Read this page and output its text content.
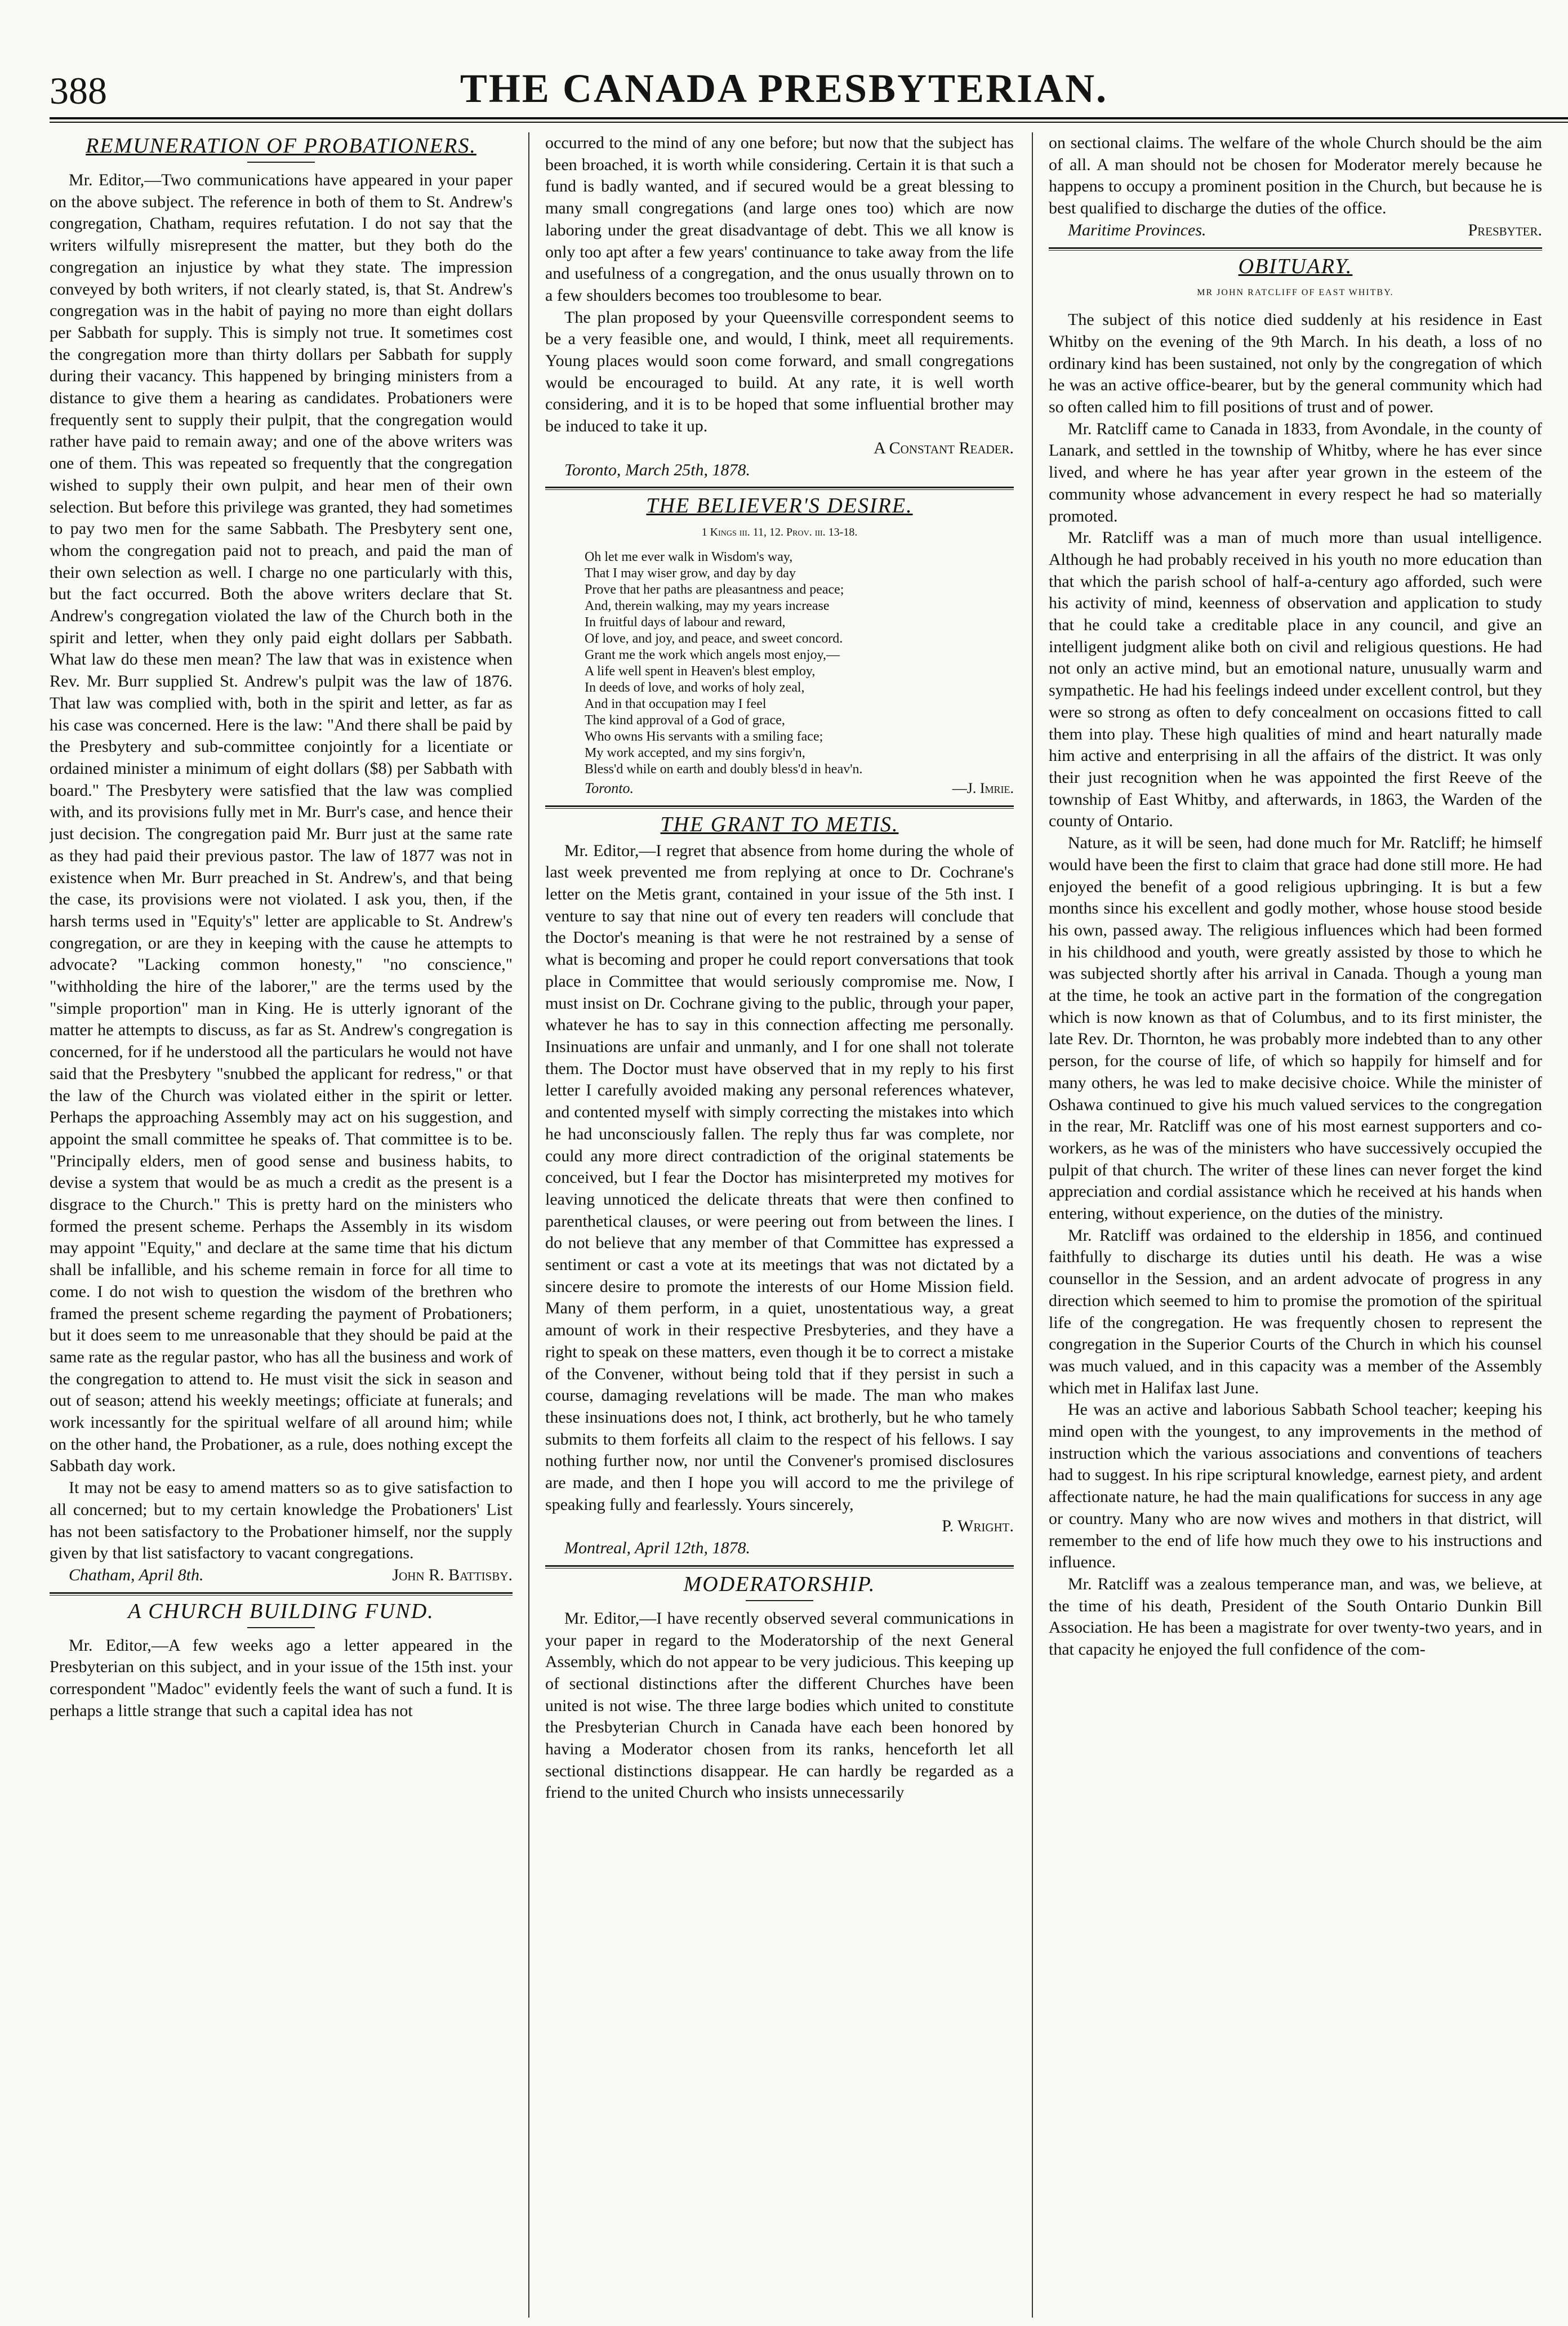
388	THE CANADA PRESBYTERIAN.
REMUNERATION OF PROBATIONERS.

Mr. Editor,—Two communications have appeared in your paper on the above subject. The reference in both of them to St. Andrew's congregation, Chatham, requires refutation. I do not say that the writers wilfully misrepresent the matter, but they both do the congregation an injustice by what they state. The impression conveyed by both writers, if not clearly stated, is, that St. Andrew's congregation was in the habit of paying no more than eight dollars per Sabbath for supply. This is simply not true. It sometimes cost the congregation more than thirty dollars per Sabbath for supply during their vacancy. This happened by bringing ministers from a distance to give them a hearing as candidates. Probationers were frequently sent to supply their pulpit, that the congregation would rather have paid to remain away; and one of the above writers was one of them. This was repeated so frequently that the congregation wished to supply their own pulpit, and hear men of their own selection. But before this privilege was granted, they had sometimes to pay two men for the same Sabbath. The Presbytery sent one, whom the congregation paid not to preach, and paid the man of their own selection as well. I charge no one particularly with this, but the fact occurred. Both the above writers declare that St. Andrew's congregation violated the law of the Church both in the spirit and letter, when they only paid eight dollars per Sabbath. What law do these men mean? The law that was in existence when Rev. Mr. Burr supplied St. Andrew's pulpit was the law of 1876. That law was complied with, both in the spirit and letter, as far as his case was concerned. Here is the law: "And there shall be paid by the Presbytery and sub-committee conjointly for a licentiate or ordained minister a minimum of eight dollars ($8) per Sabbath with board." The Presbytery were satisfied that the law was complied with, and its provisions fully met in Mr. Burr's case, and hence their just decision. The congregation paid Mr. Burr just at the same rate as they had paid their previous pastor. The law of 1877 was not in existence when Mr. Burr preached in St. Andrew's, and that being the case, its provisions were not violated. I ask you, then, if the harsh terms used in "Equity's" letter are applicable to St. Andrew's congregation, or are they in keeping with the cause he attempts to advocate? "Lacking common honesty," "no conscience," "withholding the hire of the laborer," are the terms used by the "simple proportion" man in King. He is utterly ignorant of the matter he attempts to discuss, as far as St. Andrew's congregation is concerned, for if he understood all the particulars he would not have said that the Presbytery "snubbed the applicant for redress," or that the law of the Church was violated either in the spirit or letter. Perhaps the approaching Assembly may act on his suggestion, and appoint the small committee he speaks of. That committee is to be. "Principally elders, men of good sense and business habits, to devise a system that would be as much a credit as the present is a disgrace to the Church." This is pretty hard on the ministers who formed the present scheme. Perhaps the Assembly in its wisdom may appoint "Equity," and declare at the same time that his dictum shall be infallible, and his scheme remain in force for all time to come. I do not wish to question the wisdom of the brethren who framed the present scheme regarding the payment of Probationers; but it does seem to me unreasonable that they should be paid at the same rate as the regular pastor, who has all the business and work of the congregation to attend to. He must visit the sick in season and out of season; attend his weekly meetings; officiate at funerals; and work incessantly for the spiritual welfare of all around him; while on the other hand, the Probationer, as a rule, does nothing except the Sabbath day work.

It may not be easy to amend matters so as to give satisfaction to all concerned; but to my certain knowledge the Probationers' List has not been satisfactory to the Probationer himself, nor the supply given by that list satisfactory to vacant congregations.

Chatham, April 8th.	John R. Battisby.
A CHURCH BUILDING FUND.

Mr. Editor,—A few weeks ago a letter appeared in the Presbyterian on this subject, and in your issue of the 15th inst. your correspondent "Madoc" evidently feels the want of such a fund. It is perhaps a little strange that such a capital idea has not

occurred to the mind of any one before; but now that the subject has been broached, it is worth while considering. Certain it is that such a fund is badly wanted, and if secured would be a great blessing to many small congregations (and large ones too) which are now laboring under the great disadvantage of debt. This we all know is only too apt after a few years' continuance to take away from the life and usefulness of a congregation, and the onus usually thrown on to a few shoulders becomes too troublesome to bear.

The plan proposed by your Queensville correspondent seems to be a very feasible one, and would, I think, meet all requirements. Young places would soon come forward, and small congregations would be encouraged to build. At any rate, it is well worth considering, and it is to be hoped that some influential brother may be induced to take it up.

A Constant Reader.
Toronto, March 25th, 1878.
THE BELIEVER'S DESIRE.
1 Kings iii. 11, 12. Prov. iii. 13-18.
Oh let me ever walk in Wisdom's way,
That I may wiser grow, and day by day
Prove that her paths are pleasantness and peace;
And, therein walking, may my years increase
In fruitful days of labour and reward,
Of love, and joy, and peace, and sweet concord.
Grant me the work which angels most enjoy,—
A life well spent in Heaven's blest employ,
In deeds of love, and works of holy zeal,
And in that occupation may I feel
The kind approval of a God of grace,
Who owns His servants with a smiling face;
My work accepted, and my sins forgiv'n,
Bless'd while on earth and doubly bless'd in heav'n.
Toronto.	—J. Imrie.
THE GRANT TO METIS.

Mr. Editor,—I regret that absence from home during the whole of last week prevented me from replying at once to Dr. Cochrane's letter on the Metis grant, contained in your issue of the 5th inst. I venture to say that nine out of every ten readers will conclude that the Doctor's meaning is that were he not restrained by a sense of what is becoming and proper he could report conversations that took place in Committee that would seriously compromise me. Now, I must insist on Dr. Cochrane giving to the public, through your paper, whatever he has to say in this connection affecting me personally. Insinuations are unfair and unmanly, and I for one shall not tolerate them. The Doctor must have observed that in my reply to his first letter I carefully avoided making any personal references whatever, and contented myself with simply correcting the mistakes into which he had unconsciously fallen. The reply thus far was complete, nor could any more direct contradiction of the original statements be conceived, but I fear the Doctor has misinterpreted my motives for leaving unnoticed the delicate threats that were then confined to parenthetical clauses, or were peering out from between the lines. I do not believe that any member of that Committee has expressed a sentiment or cast a vote at its meetings that was not dictated by a sincere desire to promote the interests of our Home Mission field. Many of them perform, in a quiet, unostentatious way, a great amount of work in their respective Presbyteries, and they have a right to speak on these matters, even though it be to correct a mistake of the Convener, without being told that if they persist in such a course, damaging revelations will be made. The man who makes these insinuations does not, I think, act brotherly, but he who tamely submits to them forfeits all claim to the respect of his fellows. I say nothing further now, nor until the Convener's promised disclosures are made, and then I hope you will accord to me the privilege of speaking fully and fearlessly. Yours sincerely,

P. Wright.
Montreal, April 12th, 1878.
MODERATORSHIP.

Mr. Editor,—I have recently observed several communications in your paper in regard to the Moderatorship of the next General Assembly, which do not appear to be very judicious. This keeping up of sectional distinctions after the different Churches have been united is not wise. The three large bodies which united to constitute the Presbyterian Church in Canada have each been honored by having a Moderator chosen from its ranks, henceforth let all sectional distinctions disappear. He can hardly be regarded as a friend to the united Church who insists unnecessarily

on sectional claims. The welfare of the whole Church should be the aim of all. A man should not be chosen for Moderator merely because he happens to occupy a prominent position in the Church, but because he is best qualified to discharge the duties of the office.

Maritime Provinces.	Presbyter.
OBITUARY.
MR JOHN RATCLIFF OF EAST WHITBY.

The subject of this notice died suddenly at his residence in East Whitby on the evening of the 9th March. In his death, a loss of no ordinary kind has been sustained, not only by the congregation of which he was an active office-bearer, but by the general community which had so often called him to fill positions of trust and of power.

Mr. Ratcliff came to Canada in 1833, from Avondale, in the county of Lanark, and settled in the township of Whitby, where he has ever since lived, and where he has year after year grown in the esteem of the community whose advancement in every respect he had so materially promoted.

Mr. Ratcliff was a man of much more than usual intelligence. Although he had probably received in his youth no more education than that which the parish school of half-a-century ago afforded, such were his activity of mind, keenness of observation and application to study that he could take a creditable place in any council, and give an intelligent judgment alike both on civil and religious questions. He had not only an active mind, but an emotional nature, unusually warm and sympathetic. He had his feelings indeed under excellent control, but they were so strong as often to defy concealment on occasions fitted to call them into play. These high qualities of mind and heart naturally made him active and enterprising in all the affairs of the district. It was only their just recognition when he was appointed the first Reeve of the township of East Whitby, and afterwards, in 1863, the Warden of the county of Ontario.

Nature, as it will be seen, had done much for Mr. Ratcliff; he himself would have been the first to claim that grace had done still more. He had enjoyed the benefit of a good religious upbringing. It is but a few months since his excellent and godly mother, whose house stood beside his own, passed away. The religious influences which had been formed in his childhood and youth, were greatly assisted by those to which he was subjected shortly after his arrival in Canada. Though a young man at the time, he took an active part in the formation of the congregation which is now known as that of Columbus, and to its first minister, the late Rev. Dr. Thornton, he was probably more indebted than to any other person, for the course of life, of which so happily for himself and for many others, he was led to make decisive choice. While the minister of Oshawa continued to give his much valued services to the congregation in the rear, Mr. Ratcliff was one of his most earnest supporters and co-workers, as he was of the ministers who have successively occupied the pulpit of that church. The writer of these lines can never forget the kind appreciation and cordial assistance which he received at his hands when entering, without experience, on the duties of the ministry.

Mr. Ratcliff was ordained to the eldership in 1856, and continued faithfully to discharge its duties until his death. He was a wise counsellor in the Session, and an ardent advocate of progress in any direction which seemed to him to promise the promotion of the spiritual life of the congregation. He was frequently chosen to represent the congregation in the Superior Courts of the Church in which his counsel was much valued, and in this capacity was a member of the Assembly which met in Halifax last June.

He was an active and laborious Sabbath School teacher; keeping his mind open with the youngest, to any improvements in the method of instruction which the various associations and conventions of teachers had to suggest. In his ripe scriptural knowledge, earnest piety, and ardent affectionate nature, he had the main qualifications for success in any age or country. Many who are now wives and mothers in that district, will remember to the end of life how much they owe to his instructions and influence.

Mr. Ratcliff was a zealous temperance man, and was, we believe, at the time of his death, President of the South Ontario Dunkin Bill Association. He has been a magistrate for over twenty-two years, and in that capacity he enjoyed the full confidence of the com-
